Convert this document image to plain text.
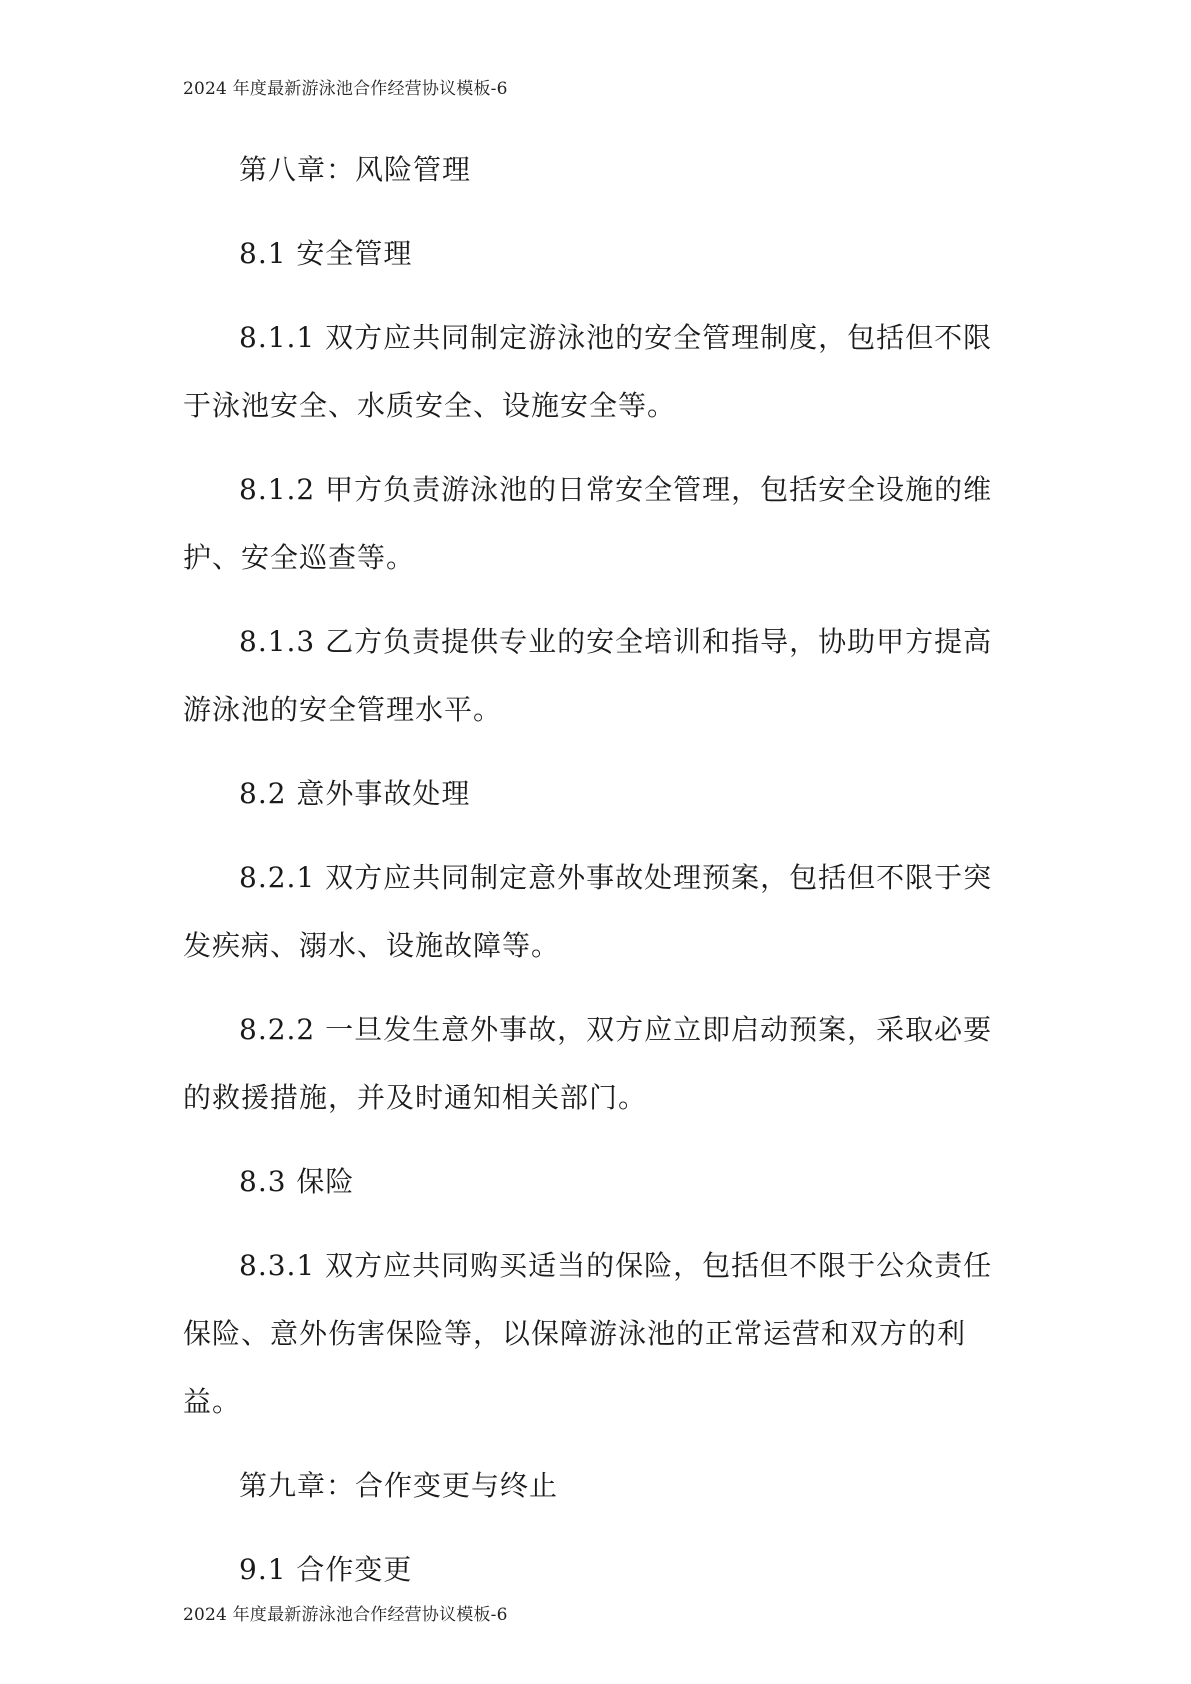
2024 年度最新游泳池合作经营协议模板-6

第八章：风险管理

8.1 安全管理

8.1.1 双方应共同制定游泳池的安全管理制度，包括但不限于泳池安全、水质安全、设施安全等。

8.1.2 甲方负责游泳池的日常安全管理，包括安全设施的维护、安全巡查等。

8.1.3 乙方负责提供专业的安全培训和指导，协助甲方提高游泳池的安全管理水平。

8.2 意外事故处理

8.2.1 双方应共同制定意外事故处理预案，包括但不限于突发疾病、溺水、设施故障等。

8.2.2 一旦发生意外事故，双方应立即启动预案，采取必要的救援措施，并及时通知相关部门。

8.3 保险

8.3.1 双方应共同购买适当的保险，包括但不限于公众责任保险、意外伤害保险等，以保障游泳池的正常运营和双方的利益。

第九章：合作变更与终止

9.1 合作变更

2024 年度最新游泳池合作经营协议模板-6
